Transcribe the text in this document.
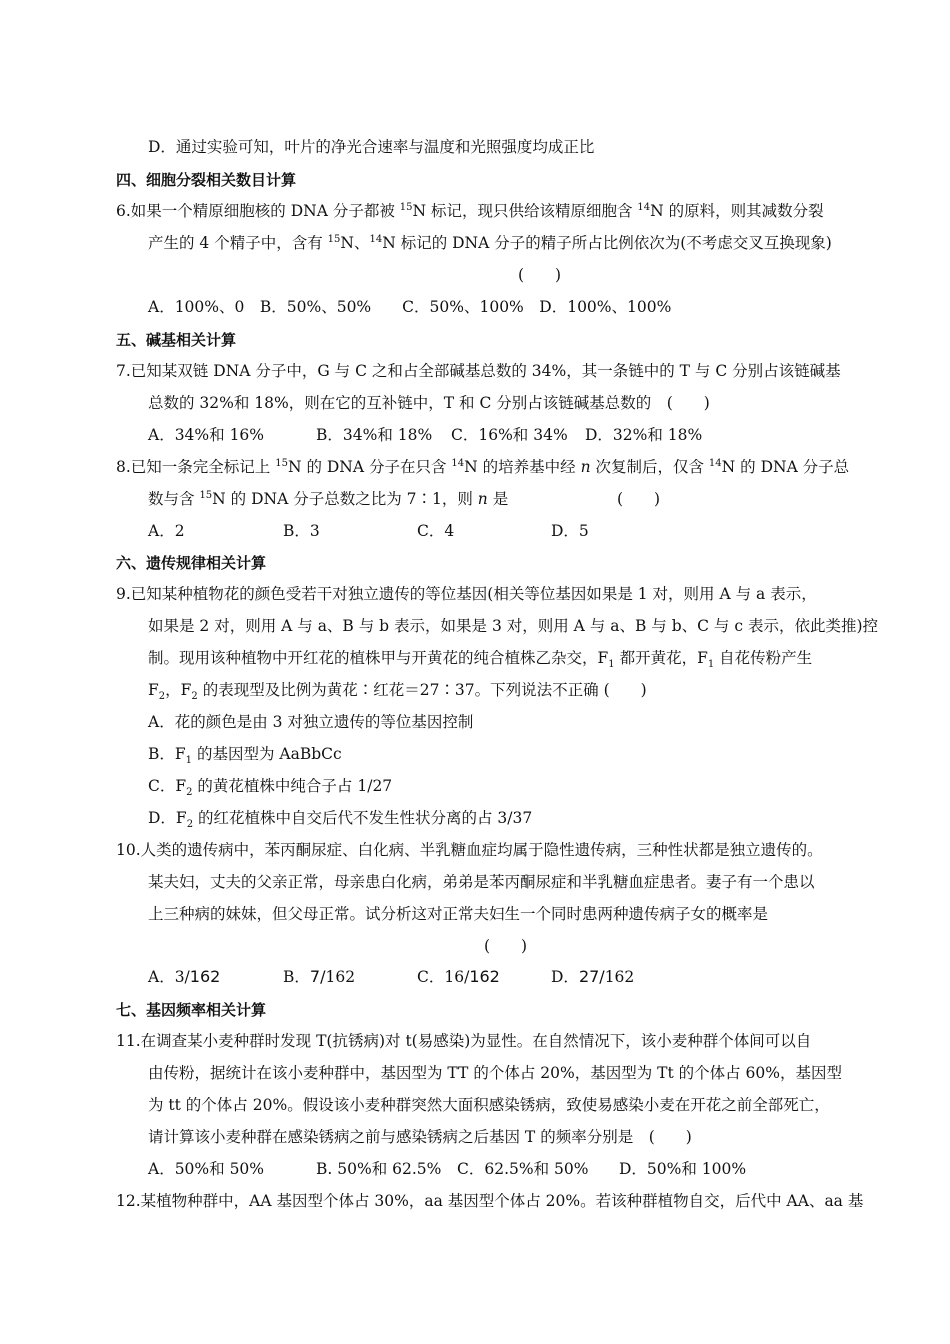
D．通过实验可知，叶片的净光合速率与温度和光照强度均成正比
四、细胞分裂相关数目计算
6.如果一个精原细胞核的 DNA 分子都被 $^{15}$N 标记，现只供给该精原细胞含 $^{14}$N 的原料，则其减数分裂
产生的 4 个精子中，含有 $^{15}$N、$^{14}$N 标记的 DNA 分子的精子所占比例依次为(不考虑交叉互换现象)
(　　)
A．100%、0　B．50%、50%　　C．50%、100%　D．100%、100%
五、碱基相关计算
7.已知某双链 DNA 分子中，G 与 C 之和占全部碱基总数的 34%，其一条链中的 T 与 C 分别占该链碱基
总数的 32%和 18%，则在它的互补链中，T 和 C 分别占该链碱基总数的　(　　)
A．34%和 16%	B．34%和 18% C．16%和 34% D．32%和 18%
8.已知一条完全标记上 $^{15}$N 的 DNA 分子在只含 $^{14}$N 的培养基中经 n 次复制后，仅含 $^{14}$N 的 DNA 分子总
数与含 $^{15}$N 的 DNA 分子总数之比为 7∶1，则 n 是	(　　)
A．2	B．3	C．4	D．5
六、遗传规律相关计算
9.已知某种植物花的颜色受若干对独立遗传的等位基因(相关等位基因如果是 1 对，则用 A 与 a 表示，
如果是 2 对，则用 A 与 a、B 与 b 表示，如果是 3 对，则用 A 与 a、B 与 b、C 与 c 表示，依此类推)控
制。现用该种植物中开红花的植株甲与开黄花的纯合植株乙杂交，$F_1$ 都开黄花，$F_1$ 自花传粉产生
$F_2$，$F_2$ 的表现型及比例为黄花∶红花＝27∶37。下列说法不正确 (　　)
A．花的颜色是由 3 对独立遗传的等位基因控制
B．$F_1$ 的基因型为 AaBbCc
C．$F_2$ 的黄花植株中纯合子占 1/27
D．$F_2$ 的红花植株中自交后代不发生性状分离的占 3/37
10.人类的遗传病中，苯丙酮尿症、白化病、半乳糖血症均属于隐性遗传病，三种性状都是独立遗传的。
某夫妇，丈夫的父亲正常，母亲患白化病，弟弟是苯丙酮尿症和半乳糖血症患者。妻子有一个患以
上三种病的妹妹，但父母正常。试分析这对正常夫妇生一个同时患两种遗传病子女的概率是
(　　)
A．3/162	B．7/162	C．16/162	D．27/162
七、基因频率相关计算
11.在调查某小麦种群时发现 T(抗锈病)对 t(易感染)为显性。在自然情况下，该小麦种群个体间可以自
由传粉，据统计在该小麦种群中，基因型为 TT 的个体占 20%，基因型为 Tt 的个体占 60%，基因型
为 tt 的个体占 20%。假设该小麦种群突然大面积感染锈病，致使易感染小麦在开花之前全部死亡，
请计算该小麦种群在感染锈病之前与感染锈病之后基因 T 的频率分别是　(　　)
A．50%和 50%	B. 50%和 62.5% C．62.5%和 50% D．50%和 100%
12.某植物种群中，AA 基因型个体占 30%，aa 基因型个体占 20%。若该种群植物自交，后代中 AA、aa 基
